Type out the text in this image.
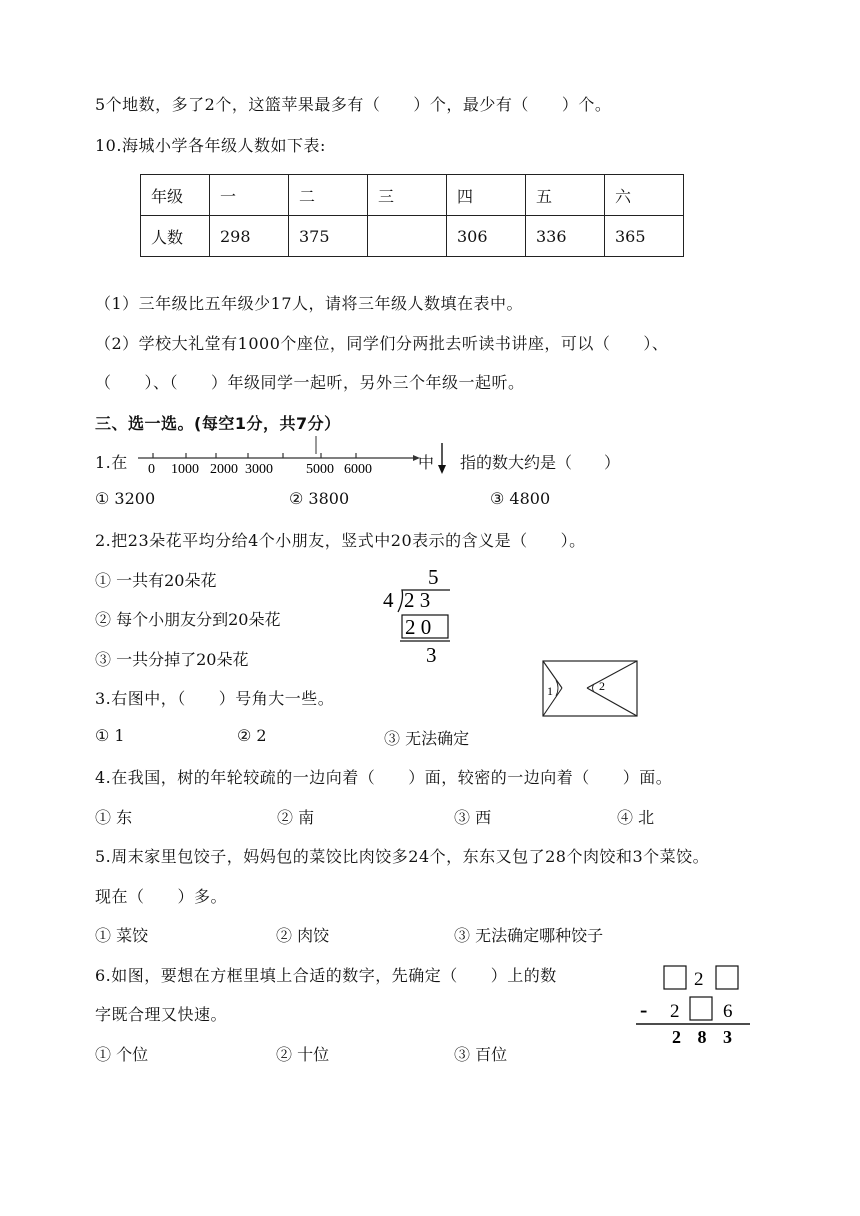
5个地数，多了2个，这篮苹果最多有（　　）个，最少有（　　）个。
10.海城小学各年级人数如下表:
年级	一	二	三	四	五	六
人数	298	375		306	336	365
（1）三年级比五年级少17人，请将三年级人数填在表中。
（2）学校大礼堂有1000个座位，同学们分两批去听读书讲座，可以（　　）、
（　　）、（　　）年级同学一起听，另外三个年级一起听。
三、选一选。(每空1分，共7分）
1.在 0 1000 2000 3000 5000 6000	中 指的数大约是（　　）
① 3200	② 3800	③ 4800
2.把23朵花平均分给4个小朋友，竖式中20表示的含义是（　　）。
① 一共有20朵花
② 每个小朋友分到20朵花
③ 一共分掉了20朵花
5
4 2 3
2 0
3
3.右图中，（　　）号角大一些。	1	2
① 1	② 2	③ 无法确定
4.在我国，树的年轮较疏的一边向着（　　）面，较密的一边向着（　　）面。
① 东	② 南	③ 西	④ 北
5.周末家里包饺子，妈妈包的菜饺比肉饺多24个，东东又包了28个肉饺和3个菜饺。
现在（　　）多。
① 菜饺	② 肉饺	③ 无法确定哪种饺子
6.如图，要想在方框里填上合适的数字，先确定（　　）上的数
字既合理又快速。
① 个位	② 十位	③ 百位
2
- 2 6
2 8 3
